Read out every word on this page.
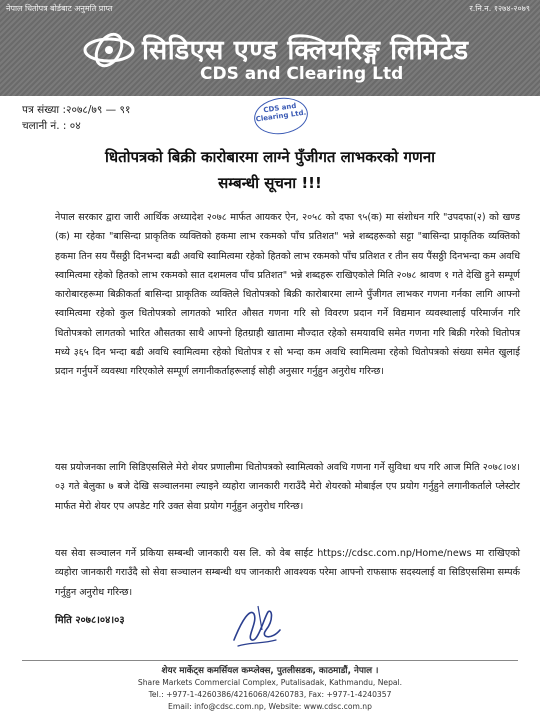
नेपाल धितोपत्र बोर्डबाट अनुमति प्राप्त	र.नि.न. १२७४-२०७९
सिडिएस एण्ड क्लियरिङ्ग लिमिटेड
CDS and Clearing Ltd
पत्र संख्या :२०७८/७९ — ९१
चलानी नं. : ०४
CDS and Clearing Ltd.
धितोपत्रको बिक्री कारोबारमा लाग्ने पुँजीगत लाभकरको गणना
सम्बन्धी सूचना !!!

नेपाल सरकार द्वारा जारी आर्थिक अध्यादेश २०७८ मार्फत आयकर ऐन, २०५८ को दफा ९५(क) मा संशोधन गरि "उपदफा(२) को खण्ड (क) मा रहेका "बासिन्दा प्राकृतिक व्यक्तिको हकमा लाभ रकमको पाँच प्रतिशत" भन्ने शब्दहरूको सट्टा "बासिन्दा प्राकृतिक व्यक्तिको हकमा तिन सय पैंसठ्ठी दिनभन्दा बढी अवधि स्वामित्वमा रहेको हितको लाभ रकमको पाँच प्रतिशत र तीन सय पैंसठ्ठी दिनभन्दा कम अवधि स्वामित्वमा रहेको हितको लाभ रकमको सात दशमलव पाँच प्रतिशत" भन्ने शब्दहरू राखिएकोले मिति २०७८ श्रावण १ गते देखि हुने सम्पूर्ण कारोबारहरूमा बिक्रीकर्ता बासिन्दा प्राकृतिक व्यक्तिले धितोपत्रको बिक्री कारोबारमा लाग्ने पुँजीगत लाभकर गणना गर्नका लागि आफ्नो स्वामित्वमा रहेको कुल धितोपत्रको लागतको भारित औसत गणना गरि सो विवरण प्रदान गर्ने विद्यमान व्यवस्थालाई परिमार्जन गरि धितोपत्रको लागतको भारित औसतका साथै आफ्नो हितग्राही खातामा मौज्दात रहेको समयावधि समेत गणना गरि बिक्री गरेको धितोपत्र मध्ये ३६५ दिन भन्दा बढी अवधि स्वामित्वमा रहेको धितोपत्र र सो भन्दा कम अवधि स्वामित्वमा रहेको धितोपत्रको संख्या समेत खुलाई प्रदान गर्नुपर्ने व्यवस्था गरिएकोले सम्पूर्ण लगानीकर्ताहरूलाई सोही अनुसार गर्नुहुन अनुरोध गरिन्छ।

यस प्रयोजनका लागि सिडिएससिले मेरो शेयर प्रणालीमा धितोपत्रको स्वामित्वको अवधि गणना गर्ने सुविधा थप गरि आज मिति २०७८।०४।०३ गते बेलुका ७ बजे देखि सञ्चालनमा ल्याइने व्यहोरा जानकारी गराउँदै मेरो शेयरको मोबाईल एप प्रयोग गर्नुहुने लगानीकर्ताले प्लेस्टोर मार्फत मेरो शेयर एप अपडेट गरि उक्त सेवा प्रयोग गर्नुहुन अनुरोध गरिन्छ।

यस सेवा सञ्चालन गर्ने प्रकिया सम्बन्धी जानकारी यस लि. को वेब साईट https://cdsc.com.np/Home/news मा राखिएको व्यहोरा जानकारी गराउँदै सो सेवा सञ्चालन सम्बन्धी थप जानकारी आवश्यक परेमा आफ्नो राफसाफ सदस्यलाई वा सिडिएससिमा सम्पर्क गर्नुहुन अनुरोध गरिन्छ।

मिति २०७८।०४।०३
शेयर मार्केट्स कमर्सियल कम्प्लेक्स, पुतलीसडक, काठमाडौं, नेपाल ।
Share Markets Commercial Complex, Putalisadak, Kathmandu, Nepal.
Tel.: +977-1-4260386/4216068/4260783, Fax: +977-1-4240357
Email: info@cdsc.com.np, Website: www.cdsc.com.np
